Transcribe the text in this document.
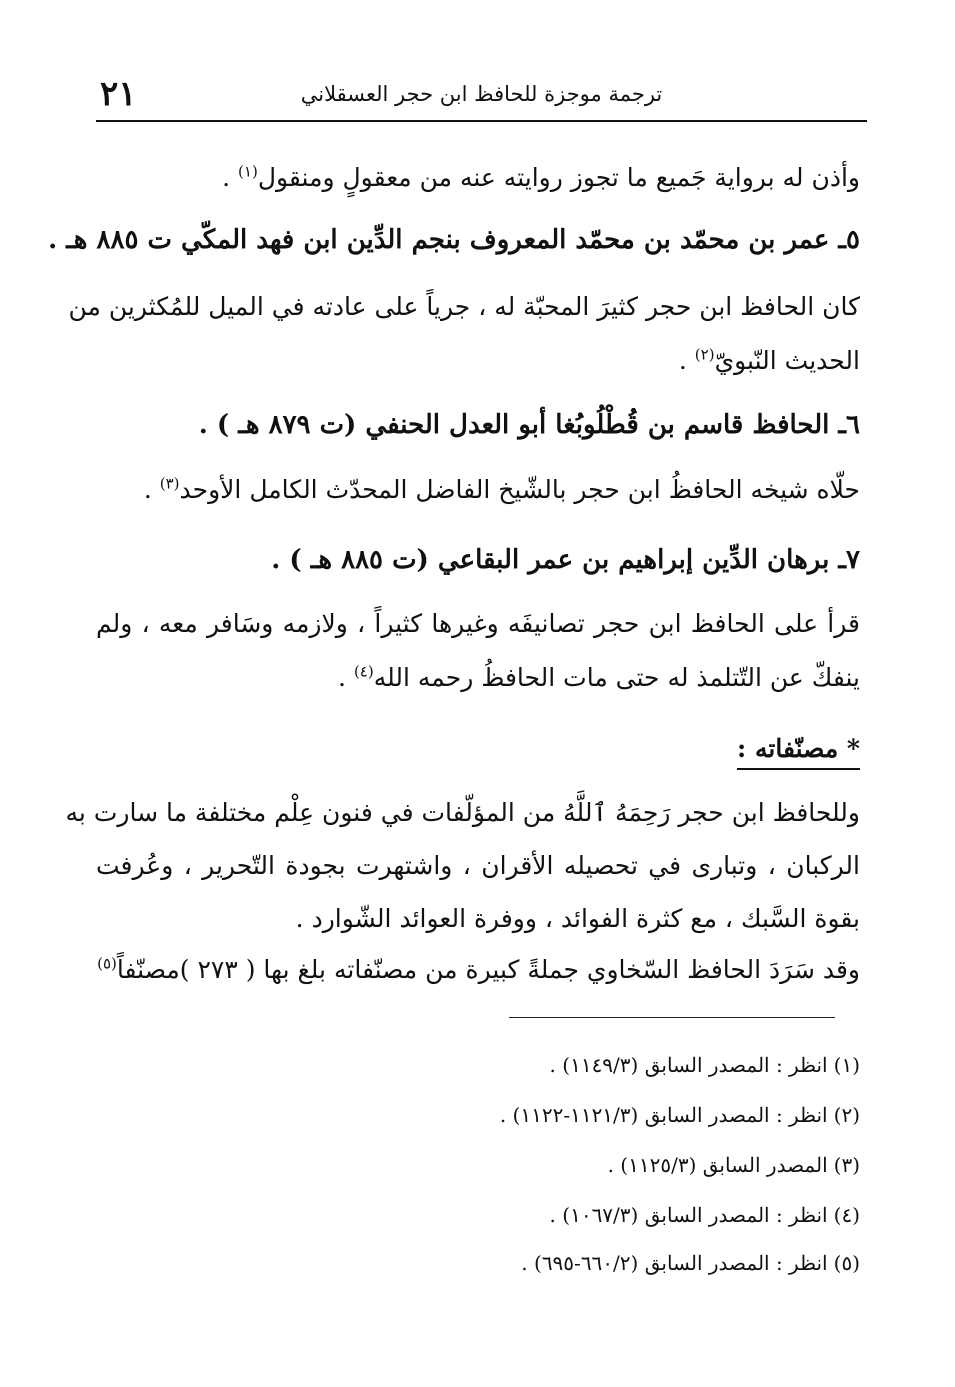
٢١	ترجمة موجزة للحافظ ابن حجر العسقلاني
وأذن له برواية جَميع ما تجوز روايته عنه من معقولٍ ومنقول$^{(١)}$ .
٥ـ عمر بن محمّد بن محمّد المعروف بنجم الدِّين ابن فهد المكّي ت ٨٨٥ هـ .
كان الحافظ ابن حجر كثيرَ المحبّة له ، جرياً على عادته في الميل للمُكثرين من
الحديث النّبويّ$^{(٢)}$ .
٦ـ الحافظ قاسم بن قُطْلُوبُغا أبو العدل الحنفي (ت ٨٧٩ هـ ) .
حلّاه شيخه الحافظُ ابن حجر بالشّيخ الفاضل المحدّث الكامل الأوحد$^{(٣)}$ .
٧ـ برهان الدِّين إبراهيم بن عمر البقاعي (ت ٨٨٥ هـ ) .
قرأ على الحافظ ابن حجر تصانيفَه وغيرها كثيراً ، ولازمه وسَافر معه ، ولم
ينفكّ عن التّتلمذ له حتى مات الحافظُ رحمه الله$^{(٤)}$ .
* مصنّفاته :
وللحافظ ابن حجر رَحِمَهُ ٱللَّهُ من المؤلّفات في فنون عِلْم مختلفة ما سارت به
الركبان ، وتبارى في تحصيله الأقران ، واشتهرت بجودة التّحرير ، وعُرفت
بقوة السَّبك ، مع كثرة الفوائد ، ووفرة العوائد الشّوارد .
وقد سَرَدَ الحافظ السّخاوي جملةً كبيرة من مصنّفاته بلغ بها ( ٢٧٣ )مصنّفاً$^{(٥)}$
(١)انظر : المصدر السابق (١١٤٩/٣) .
(٢)انظر : المصدر السابق (١١٢١/٣-١١٢٢) .
(٣)المصدر السابق (١١٢٥/٣) .
(٤)انظر : المصدر السابق (١٠٦٧/٣) .
(٥)انظر : المصدر السابق (٦٦٠/٢-٦٩٥) .
